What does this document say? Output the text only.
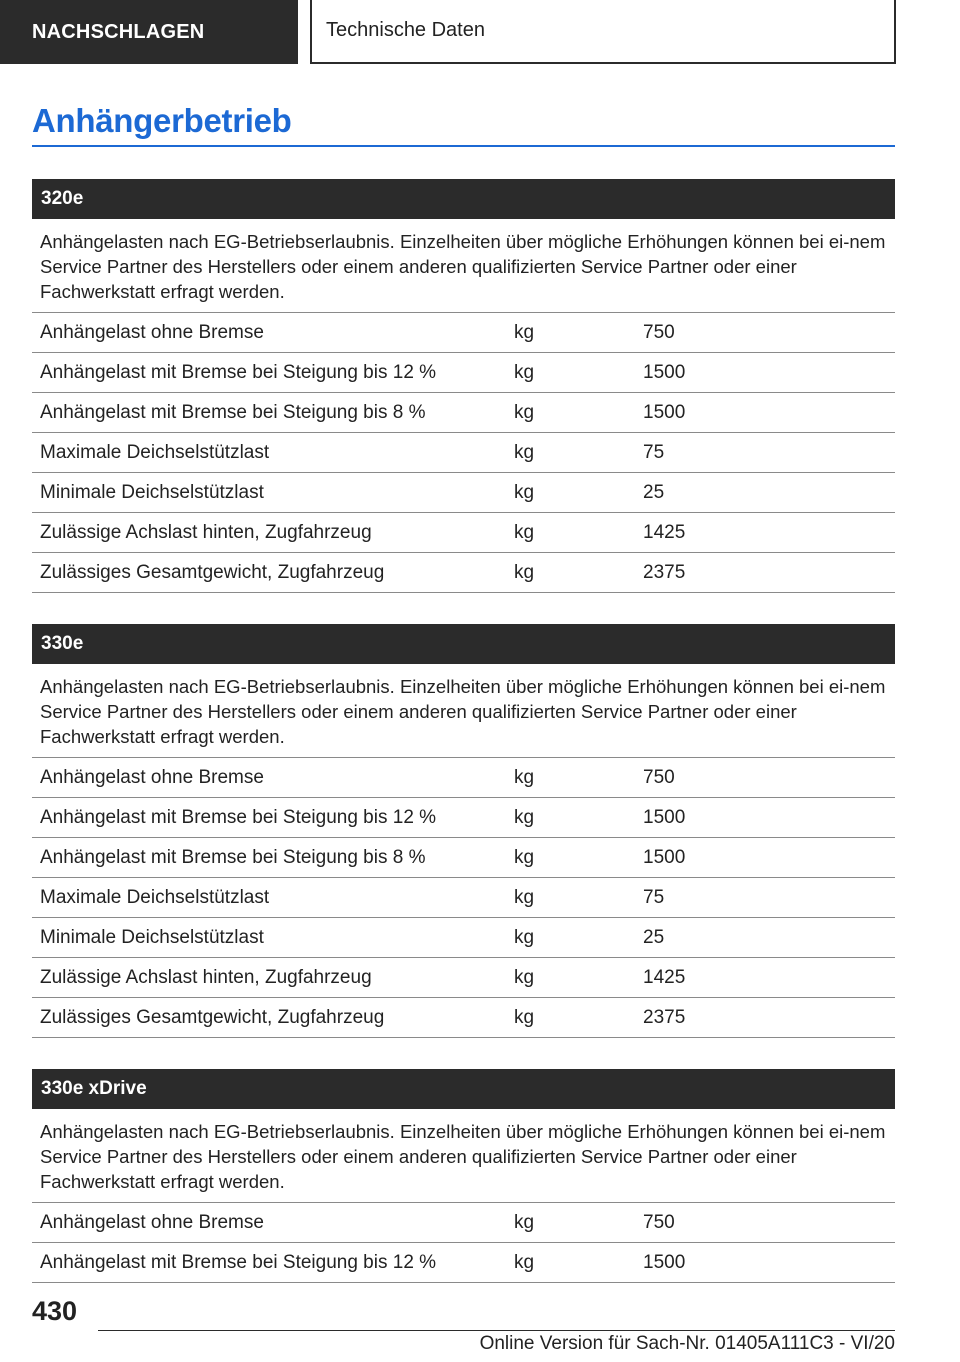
NACHSCHLAGEN	Technische Daten
Anhängerbetrieb
320e
Anhängelasten nach EG-Betriebserlaubnis. Einzelheiten über mögliche Erhöhungen können bei ei-nem Service Partner des Herstellers oder einem anderen qualifizierten Service Partner oder einer Fachwerkstatt erfragt werden.
Anhängelast ohne Bremse	kg	750
Anhängelast mit Bremse bei Steigung bis 12 %	kg	1500
Anhängelast mit Bremse bei Steigung bis 8 %	kg	1500
Maximale Deichselstützlast	kg	75
Minimale Deichselstützlast	kg	25
Zulässige Achslast hinten, Zugfahrzeug	kg	1425
Zulässiges Gesamtgewicht, Zugfahrzeug	kg	2375
330e
Anhängelasten nach EG-Betriebserlaubnis. Einzelheiten über mögliche Erhöhungen können bei ei-nem Service Partner des Herstellers oder einem anderen qualifizierten Service Partner oder einer Fachwerkstatt erfragt werden.
Anhängelast ohne Bremse	kg	750
Anhängelast mit Bremse bei Steigung bis 12 %	kg	1500
Anhängelast mit Bremse bei Steigung bis 8 %	kg	1500
Maximale Deichselstützlast	kg	75
Minimale Deichselstützlast	kg	25
Zulässige Achslast hinten, Zugfahrzeug	kg	1425
Zulässiges Gesamtgewicht, Zugfahrzeug	kg	2375
330e xDrive
Anhängelasten nach EG-Betriebserlaubnis. Einzelheiten über mögliche Erhöhungen können bei ei-nem Service Partner des Herstellers oder einem anderen qualifizierten Service Partner oder einer Fachwerkstatt erfragt werden.
Anhängelast ohne Bremse	kg	750
Anhängelast mit Bremse bei Steigung bis 12 %	kg	1500
430
Online Version für Sach-Nr. 01405A111C3 - VI/20
